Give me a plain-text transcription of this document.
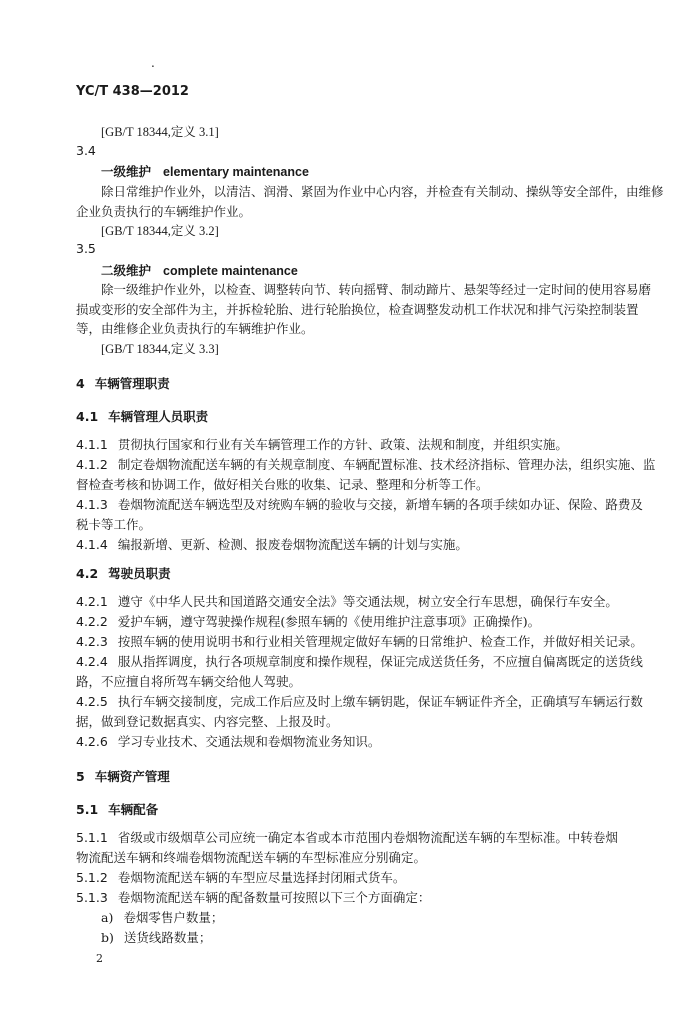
.
YC/T 438—2012
[GB/T 18344,定义 3.1]
3.4
一级维护 elementary maintenance
除日常维护作业外，以清洁、润滑、紧固为作业中心内容，并检查有关制动、操纵等安全部件，由维修
企业负责执行的车辆维护作业。
[GB/T 18344,定义 3.2]
3.5
二级维护 complete maintenance
除一级维护作业外，以检查、调整转向节、转向摇臂、制动蹄片、悬架等经过一定时间的使用容易磨
损或变形的安全部件为主，并拆检轮胎、进行轮胎换位，检查调整发动机工作状况和排气污染控制装置
等，由维修企业负责执行的车辆维护作业。
[GB/T 18344,定义 3.3]
4 车辆管理职责
4.1 车辆管理人员职责
4.1.1 贯彻执行国家和行业有关车辆管理工作的方针、政策、法规和制度，并组织实施。
4.1.2 制定卷烟物流配送车辆的有关规章制度、车辆配置标准、技术经济指标、管理办法，组织实施、监
督检查考核和协调工作，做好相关台账的收集、记录、整理和分析等工作。
4.1.3 卷烟物流配送车辆选型及对统购车辆的验收与交接，新增车辆的各项手续如办证、保险、路费及
税卡等工作。
4.1.4 编报新增、更新、检测、报废卷烟物流配送车辆的计划与实施。
4.2 驾驶员职责
4.2.1 遵守《中华人民共和国道路交通安全法》等交通法规，树立安全行车思想，确保行车安全。
4.2.2 爱护车辆，遵守驾驶操作规程(参照车辆的《使用维护注意事项》正确操作)。
4.2.3 按照车辆的使用说明书和行业相关管理规定做好车辆的日常维护、检查工作，并做好相关记录。
4.2.4 服从指挥调度，执行各项规章制度和操作规程，保证完成送货任务，不应擅自偏离既定的送货线
路，不应擅自将所驾车辆交给他人驾驶。
4.2.5 执行车辆交接制度，完成工作后应及时上缴车辆钥匙，保证车辆证件齐全，正确填写车辆运行数
据，做到登记数据真实、内容完整、上报及时。
4.2.6 学习专业技术、交通法规和卷烟物流业务知识。
5 车辆资产管理
5.1 车辆配备
5.1.1 省级或市级烟草公司应统一确定本省或本市范围内卷烟物流配送车辆的车型标准。中转卷烟
物流配送车辆和终端卷烟物流配送车辆的车型标准应分别确定。
5.1.2 卷烟物流配送车辆的车型应尽量选择封闭厢式货车。
5.1.3 卷烟物流配送车辆的配备数量可按照以下三个方面确定：
a) 卷烟零售户数量；
b) 送货线路数量；
2
